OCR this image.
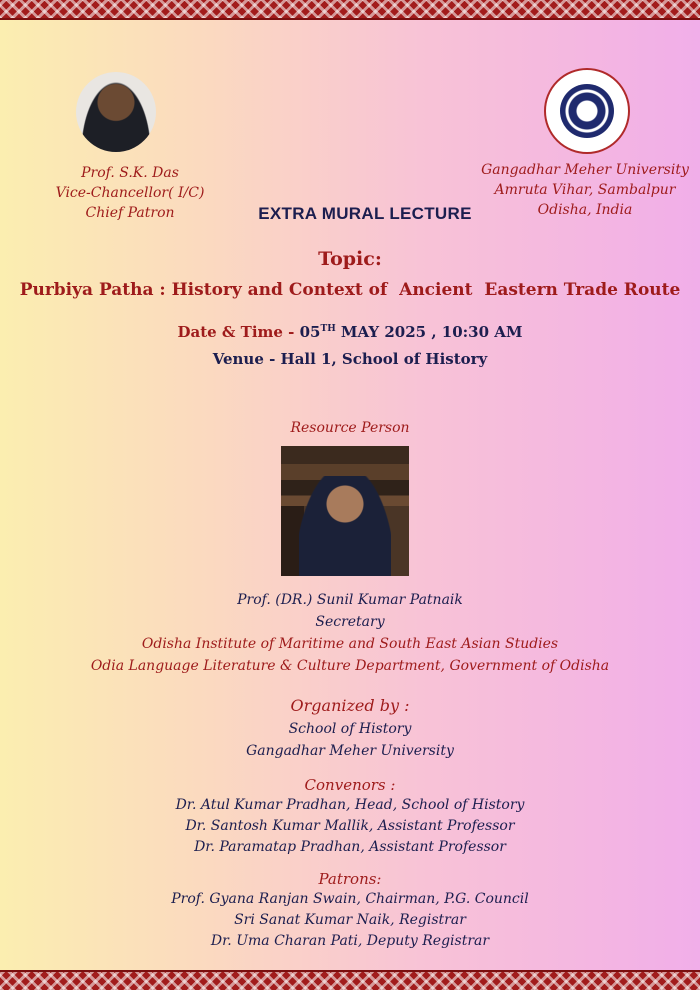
Prof. S.K. Das
Vice-Chancellor( I/C)
Chief Patron
Gangadhar Meher University
Amruta Vihar, Sambalpur
Odisha, India
EXTRA MURAL LECTURE
Topic:
Purbiya Patha : History and Context of  Ancient  Eastern Trade Route
Date & Time - 05TH MAY 2025 , 10:30 AM
Venue - Hall 1, School of History
Resource Person
Prof. (DR.) Sunil Kumar Patnaik
Secretary
Odisha Institute of Maritime and South East Asian Studies
Odia Language Literature & Culture Department, Government of Odisha
Organized by :
School of History
Gangadhar Meher University
Convenors :
Dr. Atul Kumar Pradhan, Head, School of History
Dr. Santosh Kumar Mallik, Assistant Professor
Dr. Paramatap Pradhan, Assistant Professor
Patrons:
Prof. Gyana Ranjan Swain, Chairman, P.G. Council
Sri Sanat Kumar Naik, Registrar
Dr. Uma Charan Pati, Deputy Registrar
